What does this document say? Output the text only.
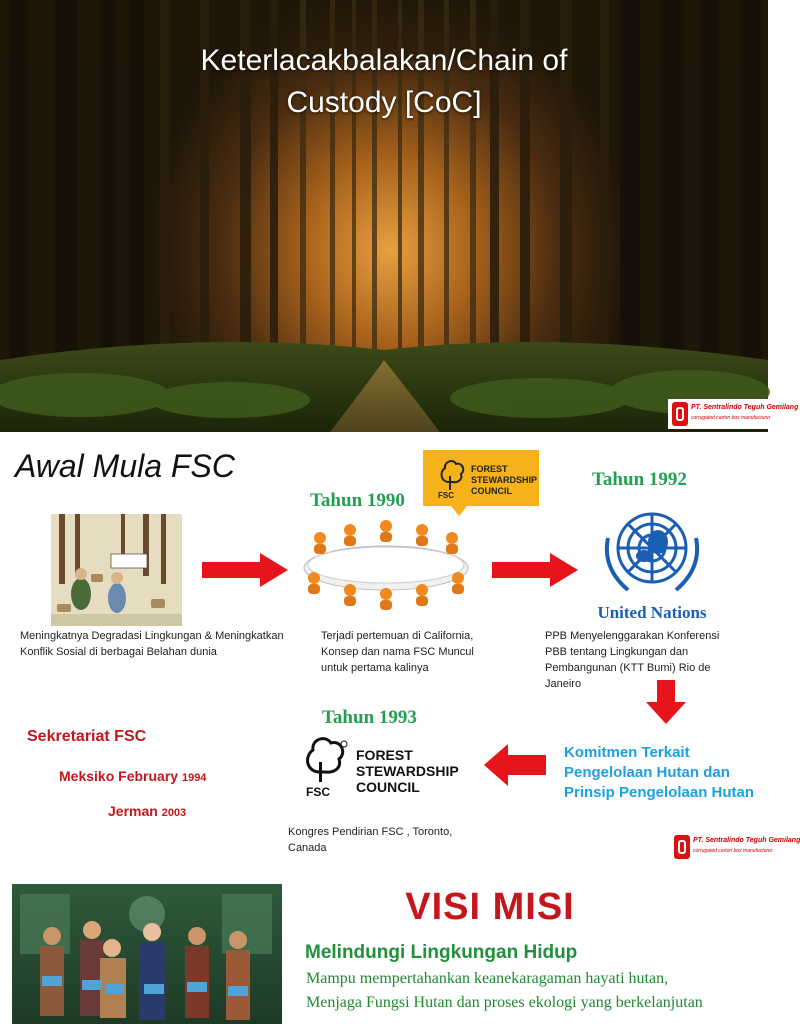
Keterlacakbalakan/Chain of
Custody [CoC]
PT. Sentralindo Teguh Gemilang
corrugated carton box manufacturer
Awal Mula FSC
FSC
FOREST
STEWARDSHIP
COUNCIL
Tahun 1990
Tahun 1992
Tahun 1993
United Nations
Meningkatnya Degradasi Lingkungan & Meningkatkan Konflik Sosial di berbagai Belahan dunia
Terjadi pertemuan di California, Konsep dan nama FSC Muncul untuk pertama kalinya
PPB Menyelenggarakan Konferensi PBB tentang Lingkungan dan Pembangunan (KTT Bumi) Rio de Janeiro
Sekretariat FSC
Meksiko February 1994
Jerman 2003
FSC
FOREST
STEWARDSHIP
COUNCIL
Kongres Pendirian FSC , Toronto, Canada
Komitmen Terkait Pengelolaan Hutan dan Prinsip Pengelolaan Hutan
PT. Sentralindo Teguh Gemilang
corrugated carton box manufacturer
VISI MISI
Melindungi Lingkungan Hidup
Mampu mempertahankan keanekaragaman hayati hutan,
Menjaga Fungsi Hutan dan proses ekologi yang berkelanjutan
